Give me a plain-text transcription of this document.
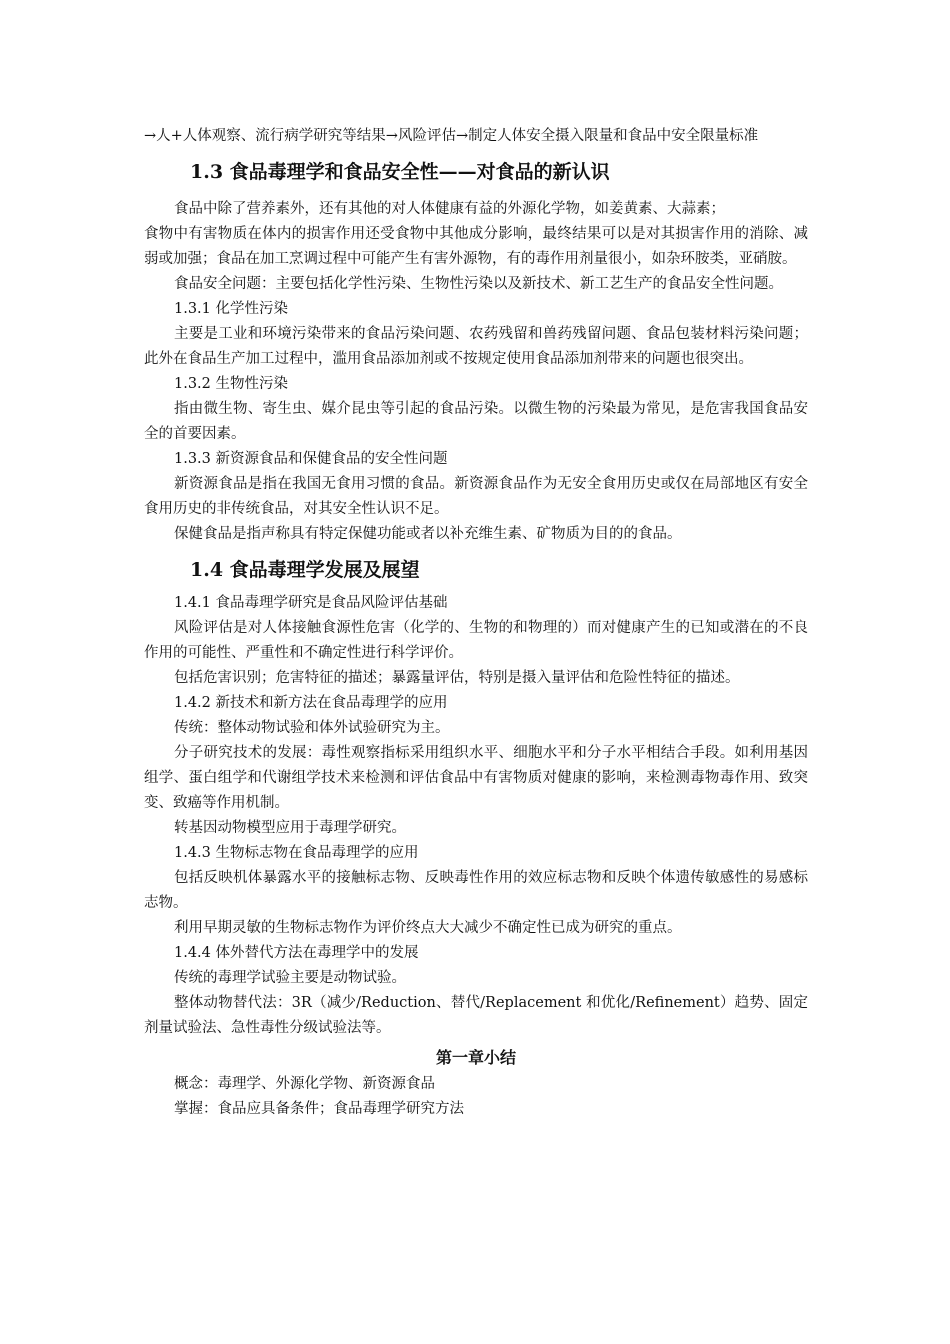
→人+人体观察、流行病学研究等结果→风险评估→制定人体安全摄入限量和食品中安全限量标准

1.3 食品毒理学和食品安全性——对食品的新认识

食品中除了营养素外，还有其他的对人体健康有益的外源化学物，如姜黄素、大蒜素；

食物中有害物质在体内的损害作用还受食物中其他成分影响，最终结果可以是对其损害作用的消除、减弱或加强；食品在加工烹调过程中可能产生有害外源物，有的毒作用剂量很小，如杂环胺类，亚硝胺。

食品安全问题：主要包括化学性污染、生物性污染以及新技术、新工艺生产的食品安全性问题。

1.3.1 化学性污染

主要是工业和环境污染带来的食品污染问题、农药残留和兽药残留问题、食品包装材料污染问题；此外在食品生产加工过程中，滥用食品添加剂或不按规定使用食品添加剂带来的问题也很突出。

1.3.2 生物性污染

指由微生物、寄生虫、媒介昆虫等引起的食品污染。以微生物的污染最为常见，是危害我国食品安全的首要因素。

1.3.3 新资源食品和保健食品的安全性问题

新资源食品是指在我国无食用习惯的食品。新资源食品作为无安全食用历史或仅在局部地区有安全食用历史的非传统食品，对其安全性认识不足。

保健食品是指声称具有特定保健功能或者以补充维生素、矿物质为目的的食品。

1.4 食品毒理学发展及展望

1.4.1 食品毒理学研究是食品风险评估基础

风险评估是对人体接触食源性危害（化学的、生物的和物理的）而对健康产生的已知或潜在的不良作用的可能性、严重性和不确定性进行科学评价。

包括危害识别；危害特征的描述；暴露量评估，特别是摄入量评估和危险性特征的描述。

1.4.2 新技术和新方法在食品毒理学的应用

传统：整体动物试验和体外试验研究为主。

分子研究技术的发展：毒性观察指标采用组织水平、细胞水平和分子水平相结合手段。如利用基因组学、蛋白组学和代谢组学技术来检测和评估食品中有害物质对健康的影响，来检测毒物毒作用、致突变、致癌等作用机制。

转基因动物模型应用于毒理学研究。

1.4.3 生物标志物在食品毒理学的应用

包括反映机体暴露水平的接触标志物、反映毒性作用的效应标志物和反映个体遗传敏感性的易感标志物。

利用早期灵敏的生物标志物作为评价终点大大减少不确定性已成为研究的重点。

1.4.4 体外替代方法在毒理学中的发展

传统的毒理学试验主要是动物试验。

整体动物替代法：3R（减少/Reduction、替代/Replacement 和优化/Refinement）趋势、固定剂量试验法、急性毒性分级试验法等。

第一章小结

概念：毒理学、外源化学物、新资源食品

掌握：食品应具备条件；食品毒理学研究方法
